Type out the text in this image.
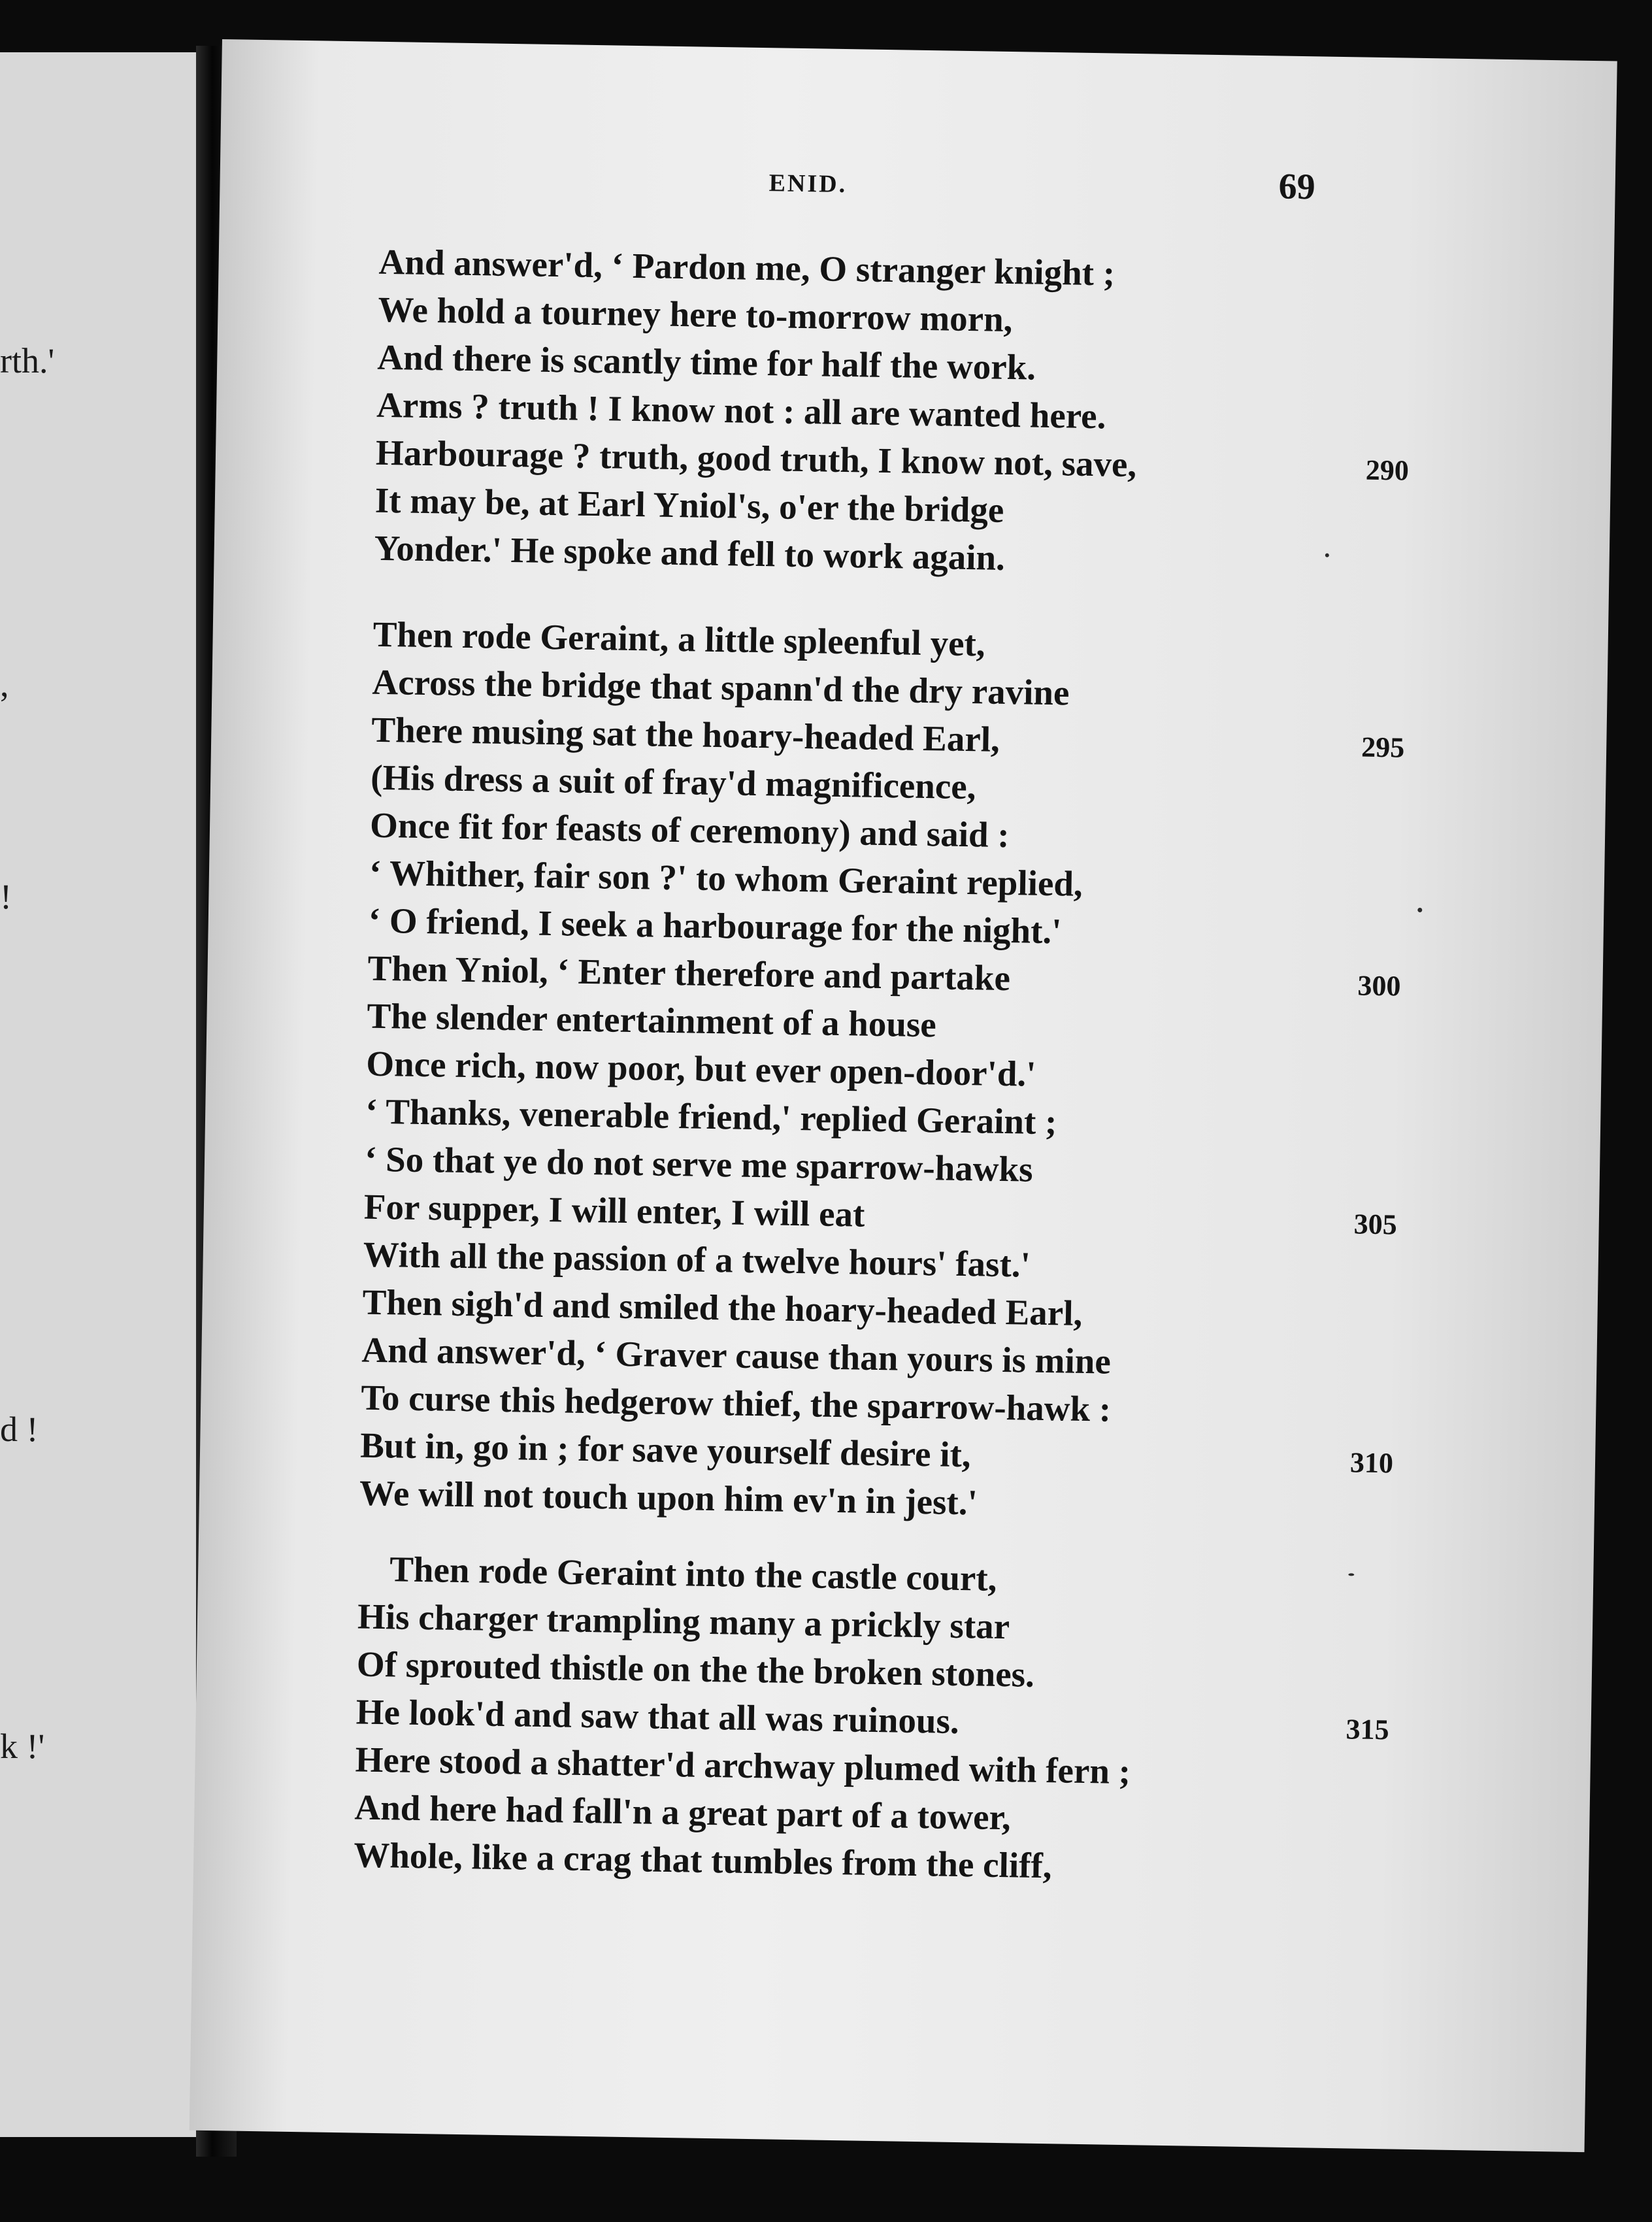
rth.'
,
!
d !
k !'
ENID.	69
And answer'd, ‘ Pardon me, O stranger knight ;
We hold a tourney here to-morrow morn,
And there is scantly time for half the work.
Arms ? truth ! I know not : all are wanted here.
Harbourage ? truth, good truth, I know not, save,
It may be, at Earl Yniol's, o'er the bridge
Yonder.' He spoke and fell to work again.
Then rode Geraint, a little spleenful yet,
Across the bridge that spann'd the dry ravine
There musing sat the hoary-headed Earl,
(His dress a suit of fray'd magnificence,
Once fit for feasts of ceremony) and said :
‘ Whither, fair son ?' to whom Geraint replied,
‘ O friend, I seek a harbourage for the night.'
Then Yniol, ‘ Enter therefore and partake
The slender entertainment of a house
Once rich, now poor, but ever open-door'd.'
‘ Thanks, venerable friend,' replied Geraint ;
‘ So that ye do not serve me sparrow-hawks
For supper, I will enter, I will eat
With all the passion of a twelve hours' fast.'
Then sigh'd and smiled the hoary-headed Earl,
And answer'd, ‘ Graver cause than yours is mine
To curse this hedgerow thief, the sparrow-hawk :
But in, go in ; for save yourself desire it,
We will not touch upon him ev'n in jest.'
Then rode Geraint into the castle court,
His charger trampling many a prickly star
Of sprouted thistle on the the broken stones.
He look'd and saw that all was ruinous.
Here stood a shatter'd archway plumed with fern ;
And here had fall'n a great part of a tower,
Whole, like a crag that tumbles from the cliff,
290
295
300
305
310
315
